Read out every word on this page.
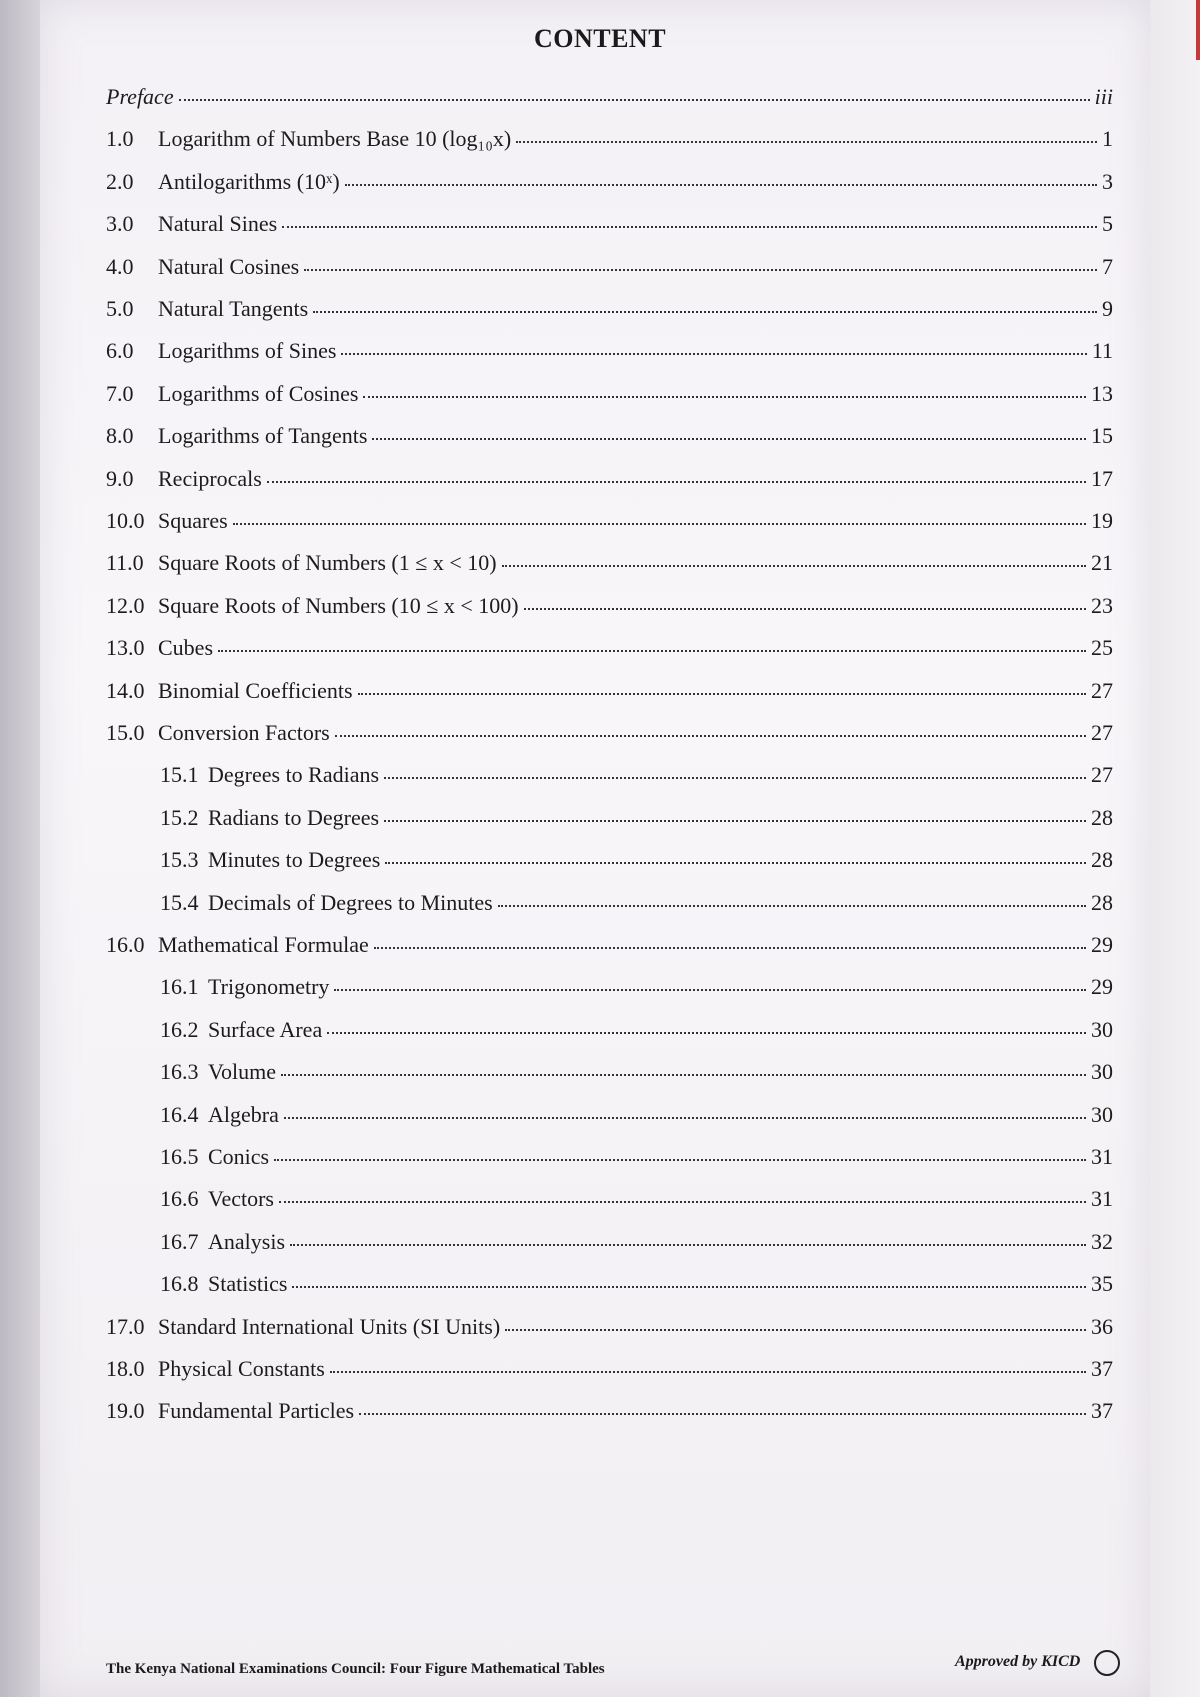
CONTENT
Preface	iii
1.0	Logarithm of Numbers Base 10 (log₁₀x)	1
2.0	Antilogarithms (10ˣ)	3
3.0	Natural Sines	5
4.0	Natural Cosines	7
5.0	Natural Tangents	9
6.0	Logarithms of Sines	11
7.0	Logarithms of Cosines	13
8.0	Logarithms of Tangents	15
9.0	Reciprocals	17
10.0 Squares	19
11.0 Square Roots of Numbers (1 ≤ x < 10)	21
12.0 Square Roots of Numbers (10 ≤ x < 100)	23
13.0 Cubes	25
14.0 Binomial Coefficients	27
15.0 Conversion Factors	27
15.1 Degrees to Radians	27
15.2 Radians to Degrees	28
15.3 Minutes to Degrees	28
15.4 Decimals of Degrees to Minutes	28
16.0 Mathematical Formulae	29
16.1 Trigonometry	29
16.2 Surface Area	30
16.3 Volume	30
16.4 Algebra	30
16.5 Conics	31
16.6 Vectors	31
16.7 Analysis	32
16.8 Statistics	35
17.0 Standard International Units (SI Units)	36
18.0 Physical Constants	37
19.0 Fundamental Particles	37
The Kenya National Examinations Council: Four Figure Mathematical Tables	Approved by KICD
